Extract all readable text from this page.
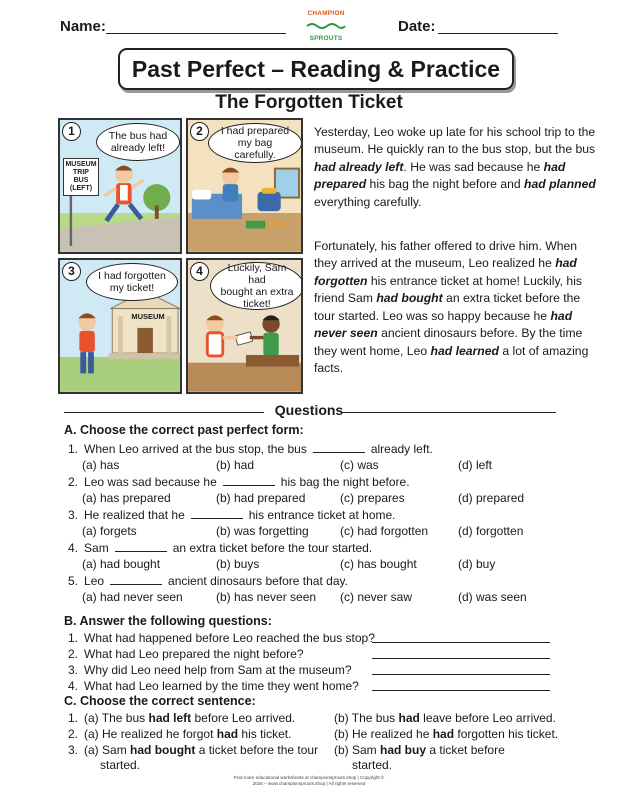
Name:
CHAMPION
SPROUTS
Date:
Past Perfect – Reading & Practice
The Forgotten Ticket
1	The bus had
already left!
MUSEUM
TRIP BUS
(LEFT)
2	I had prepared
my bag carefully.
3	I had forgotten
my ticket!
MUSEUM
4	Luckily, Sam had
bought an extra
ticket!

Yesterday, Leo woke up late for his school trip to the museum. He quickly ran to the bus stop, but the bus had already left. He was sad because he had prepared his bag the night before and had planned everything carefully.

Fortunately, his father offered to drive him. When they arrived at the museum, Leo realized he had forgotten his entrance ticket at home! Luckily, his friend Sam had bought an extra ticket before the tour started. Leo was so happy because he had never seen ancient dinosaurs before. By the time they went home, Leo had learned a lot of amazing facts.

Questions
A. Choose the correct past perfect form:
1. When Leo arrived at the bus stop, the bus	already left.
(a) has	(b) had	(c) was	(d) left
2. Leo was sad because he	his bag the night before.
(a) has prepared	(b) had prepared	(c) prepares	(d) prepared
3. He realized that he	his entrance ticket at home.
(a) forgets	(b) was forgetting	(c) had forgotten (d) forgotten
4. Sam	an extra ticket before the tour started.
(a) had bought	(b) buys	(c) has bought	(d) buy
5. Leo	ancient dinosaurs before that day.
(a) had never seen	(b) has never seen (c) never saw	(d) was seen
B. Answer the following questions:
1. What had happened before Leo reached the bus stop?
2. What had Leo prepared the night before?
3. Why did Leo need help from Sam at the museum?
4. What had Leo learned by the time they went home?
C. Choose the correct sentence:
1. (a) The bus had left before Leo arrived.	(b) The bus had leave before Leo arrived.
2. (a) He realized he forgot had his ticket.	(b) He realized he had forgotten his ticket.
3. (a) Sam had bought a ticket before the tour (b) Sam had buy a ticket before
started.	started.
Find more educational worksheets at championsprouts.shop | Copyright ©
2026 – www.championsprouts.shop | All rights reserved
